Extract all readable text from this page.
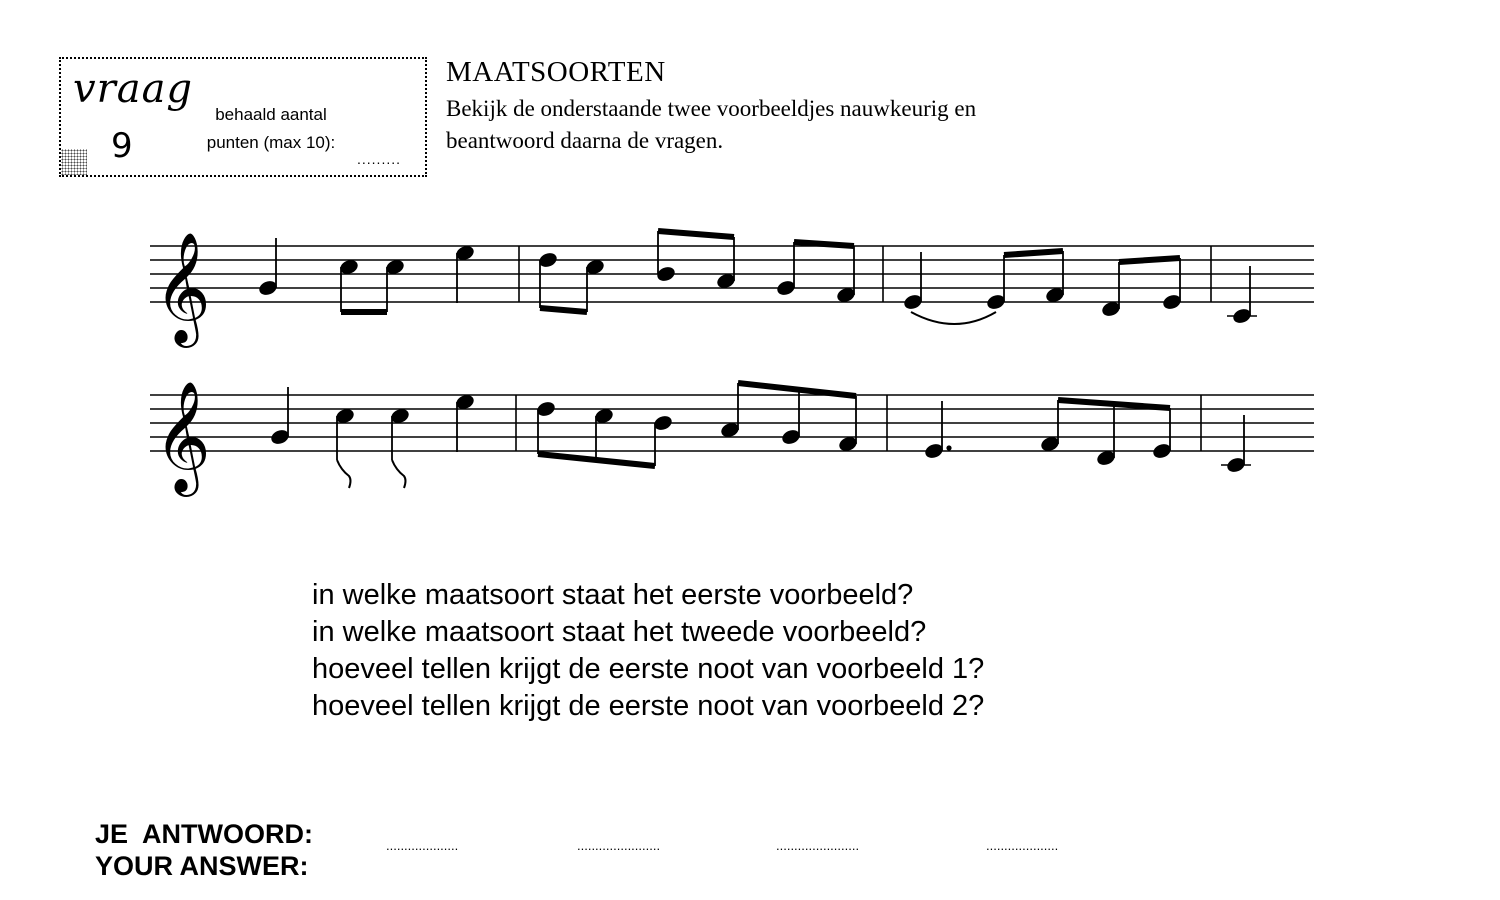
vraag
9
behaald aantal
punten (max 10):
.........
MAATSOORTEN
Bekijk de onderstaande twee voorbeeldjes nauwkeurig en
beantwoord daarna de vragen.
𝄞
𝄞
in welke maatsoort staat het eerste voorbeeld?
in welke maatsoort staat het tweede voorbeeld?
hoeveel tellen krijgt de eerste noot van voorbeeld 1?
hoeveel tellen krijgt de eerste noot van voorbeeld 2?
JE  ANTWOORD:
YOUR ANSWER:
....................	.......................	.......................	....................
